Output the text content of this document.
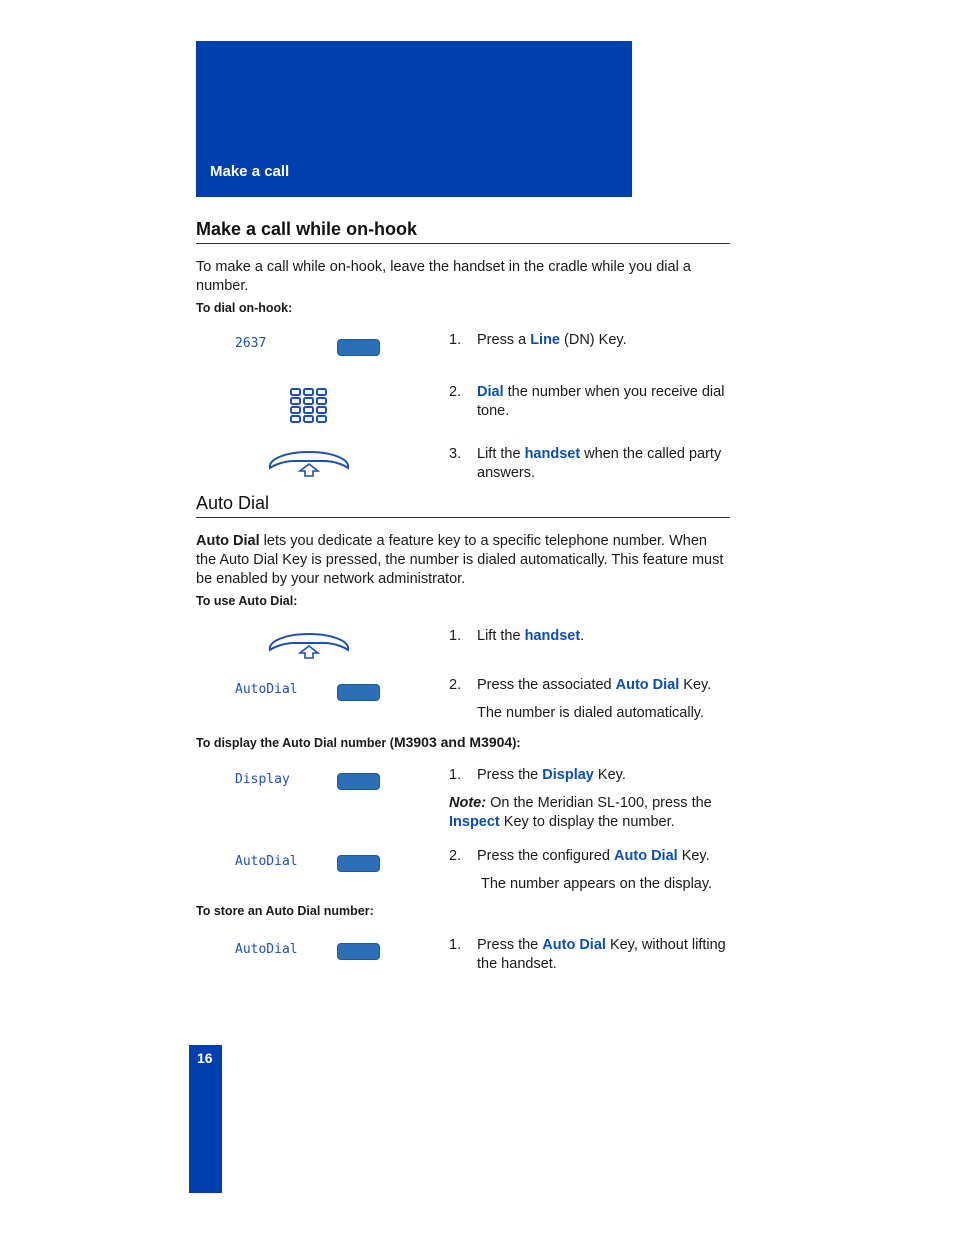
Make a call
Make a call while on-hook
To make a call while on-hook, leave the handset in the cradle while you dial a number.
To dial on-hook:
2637	1. Press a Line (DN) Key.
2. Dial the number when you receive dial tone.
3. Lift the handset when the called party answers.
Auto Dial
Auto Dial lets you dedicate a feature key to a specific telephone number. When the Auto Dial Key is pressed, the number is dialed automatically. This feature must be enabled by your network administrator.
To use Auto Dial:
AutoDial
1. Lift the handset.
2. Press the associated Auto Dial Key.
The number is dialed automatically.
To display the Auto Dial number (M3903 and M3904):
Display
AutoDial
1. Press the Display Key.
Note: On the Meridian SL-100, press the Inspect Key to display the number.
2. Press the configured Auto Dial Key.
The number appears on the display.
To store an Auto Dial number:
AutoDial	1. Press the Auto Dial Key, without lifting the handset.
16
